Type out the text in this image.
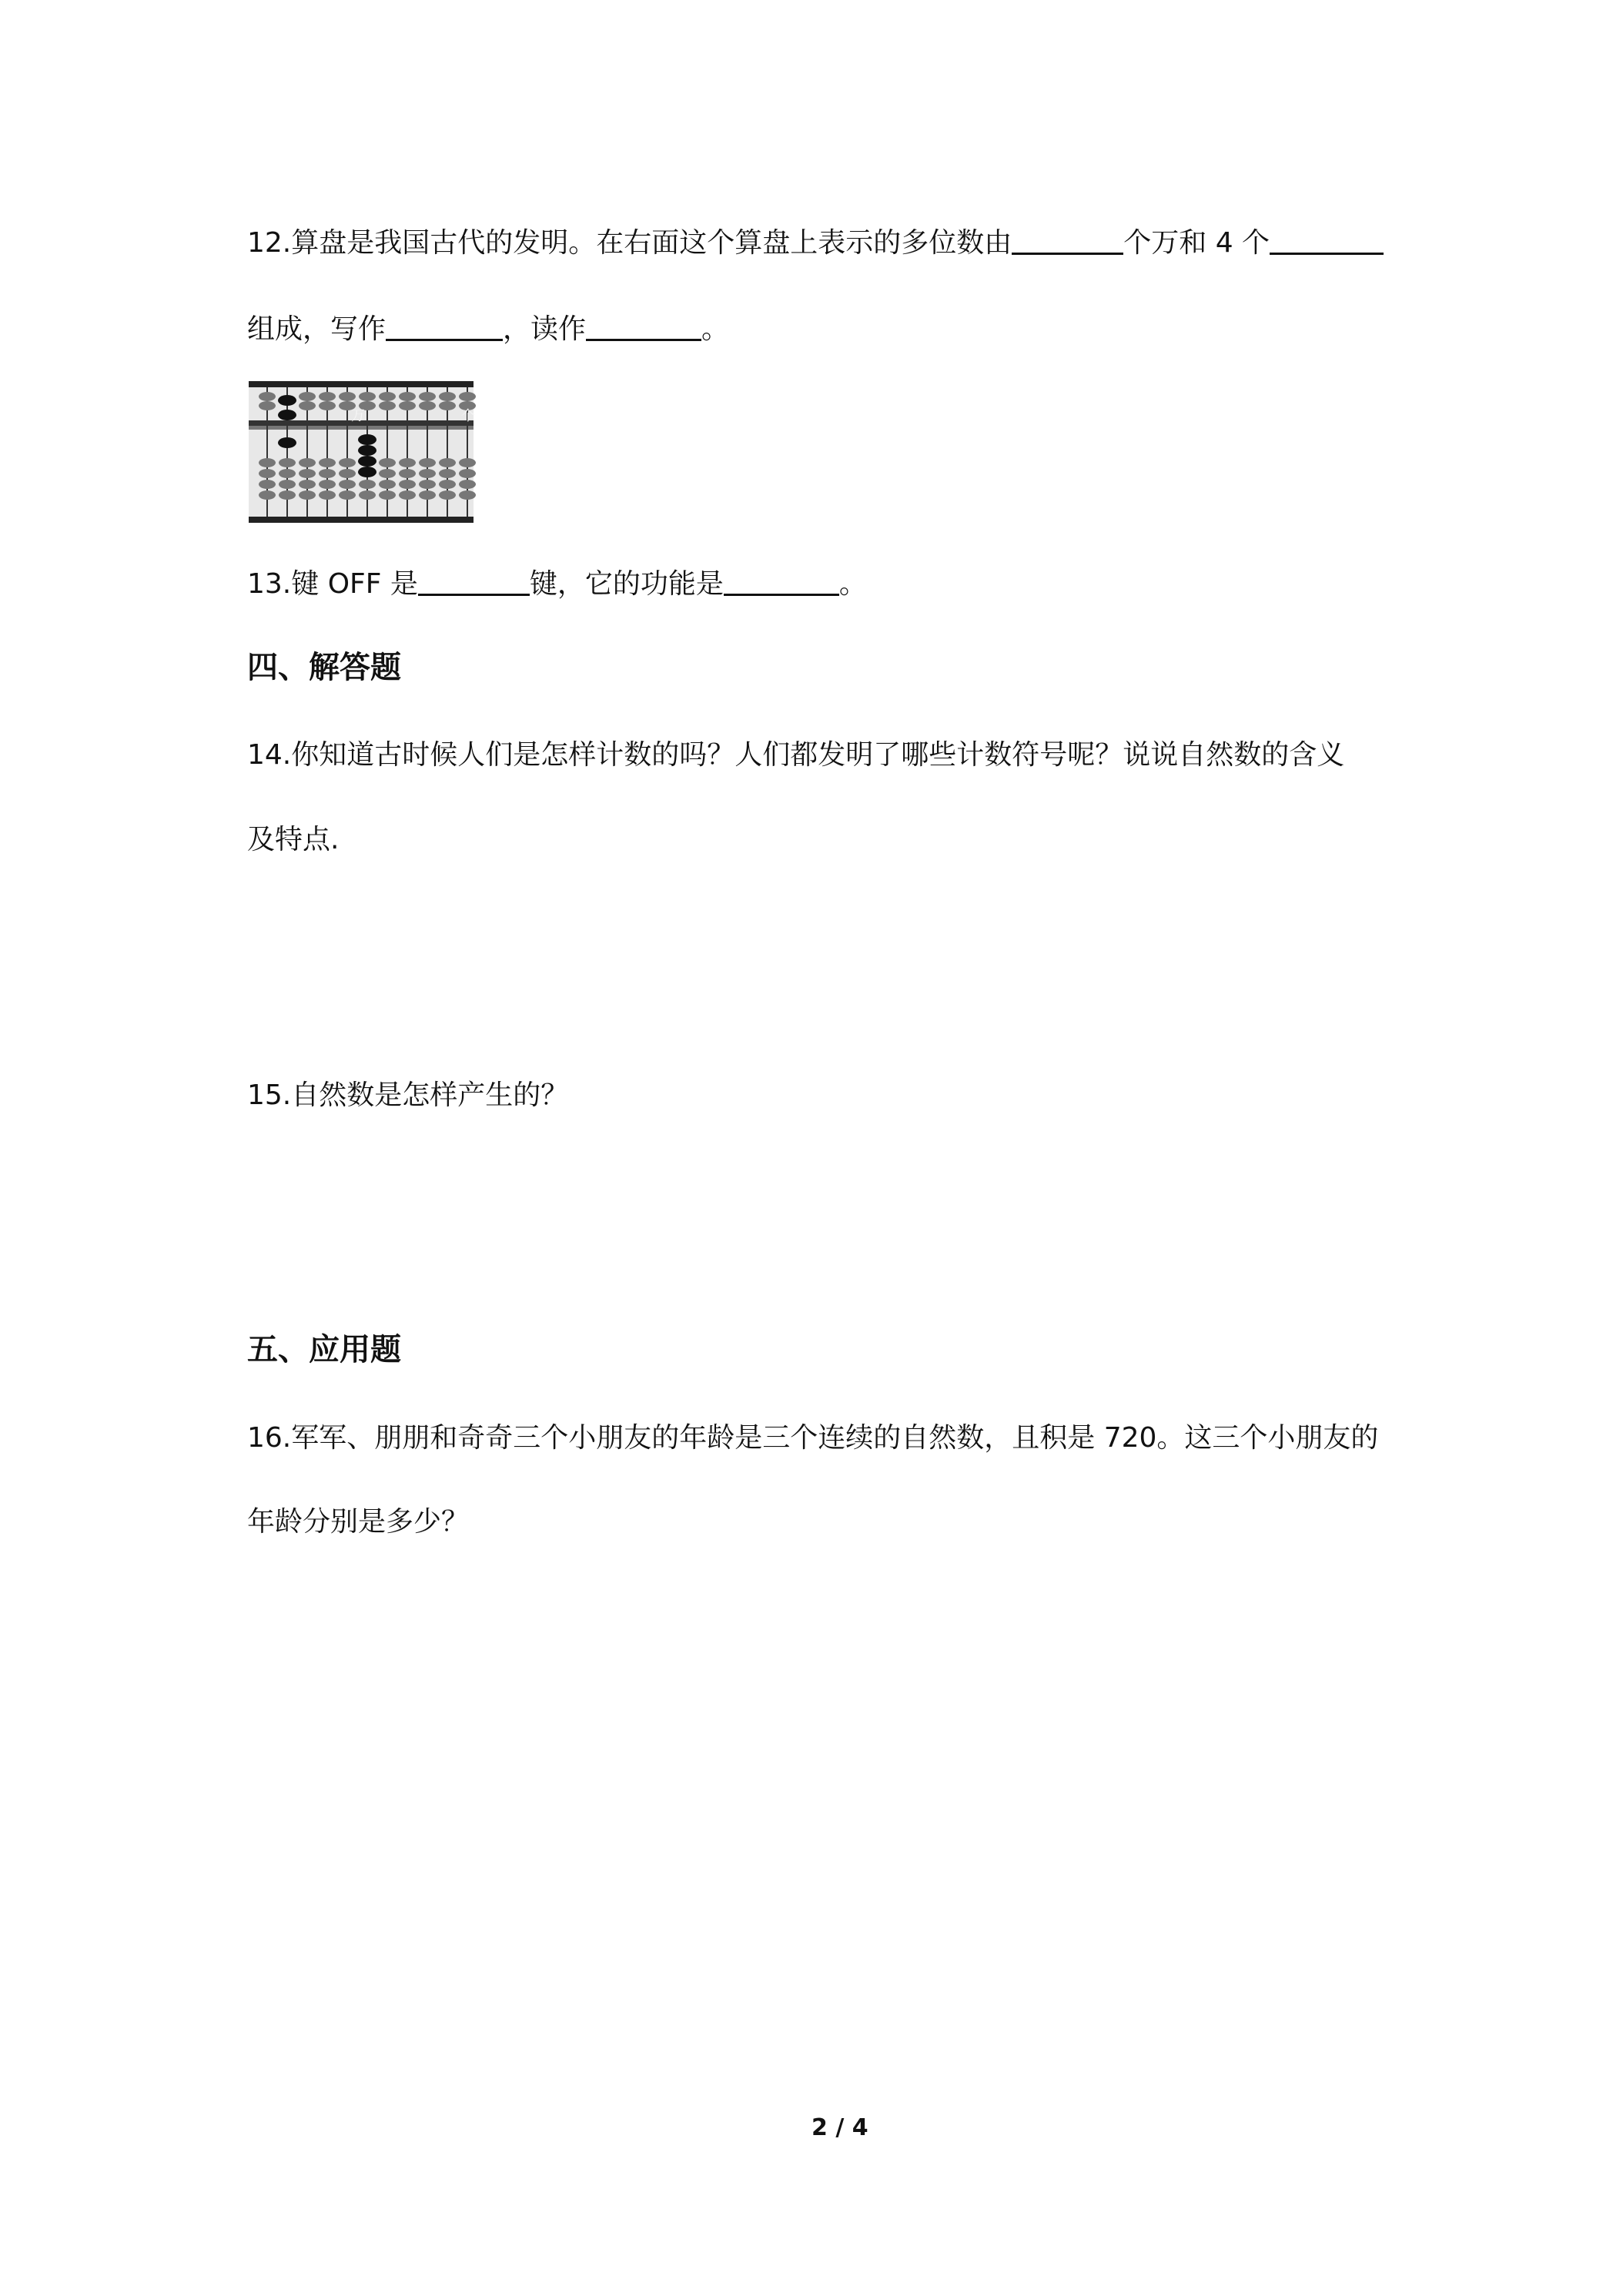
12.算盘是我国古代的发明。在右面这个算盘上表示的多位数由	个万和 4 个
组成，写作	，读作	。
万	个
13.键 OFF 是	键，它的功能是	。
四、解答题
14.你知道古时候人们是怎样计数的吗？人们都发明了哪些计数符号呢？说说自然数的含义
及特点.
15.自然数是怎样产生的？
五、应用题
16.军军、朋朋和奇奇三个小朋友的年龄是三个连续的自然数，且积是 720。这三个小朋友的
年龄分别是多少？
2 / 4
